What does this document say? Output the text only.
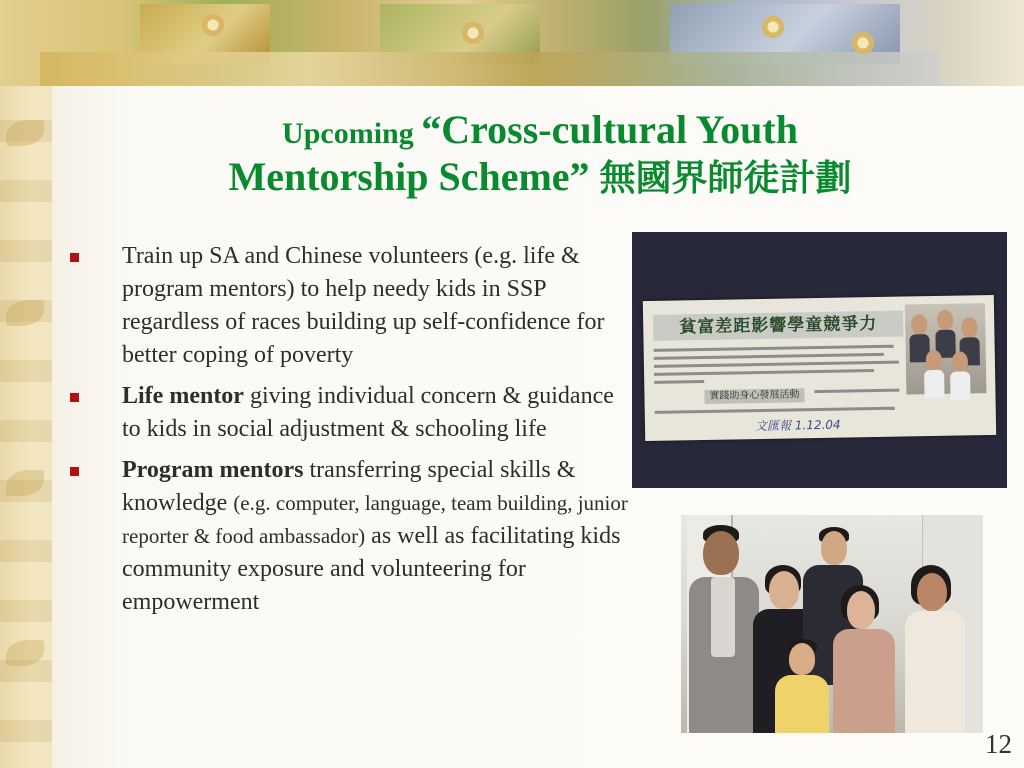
Upcoming “Cross-cultural Youth
Mentorship Scheme” 無國界師徒計劃
Train up SA and Chinese volunteers (e.g. life & program mentors) to help needy kids in SSP regardless of races building up self-confidence for better coping of poverty
Life mentor giving individual concern & guidance to kids in social adjustment & schooling life
Program mentors transferring special skills & knowledge (e.g. computer, language, team building, junior reporter & food ambassador) as well as facilitating kids community exposure and volunteering for empowerment
貧富差距影響學童競爭力
實踐助身心發展活動
文匯報 1.12.04
12
